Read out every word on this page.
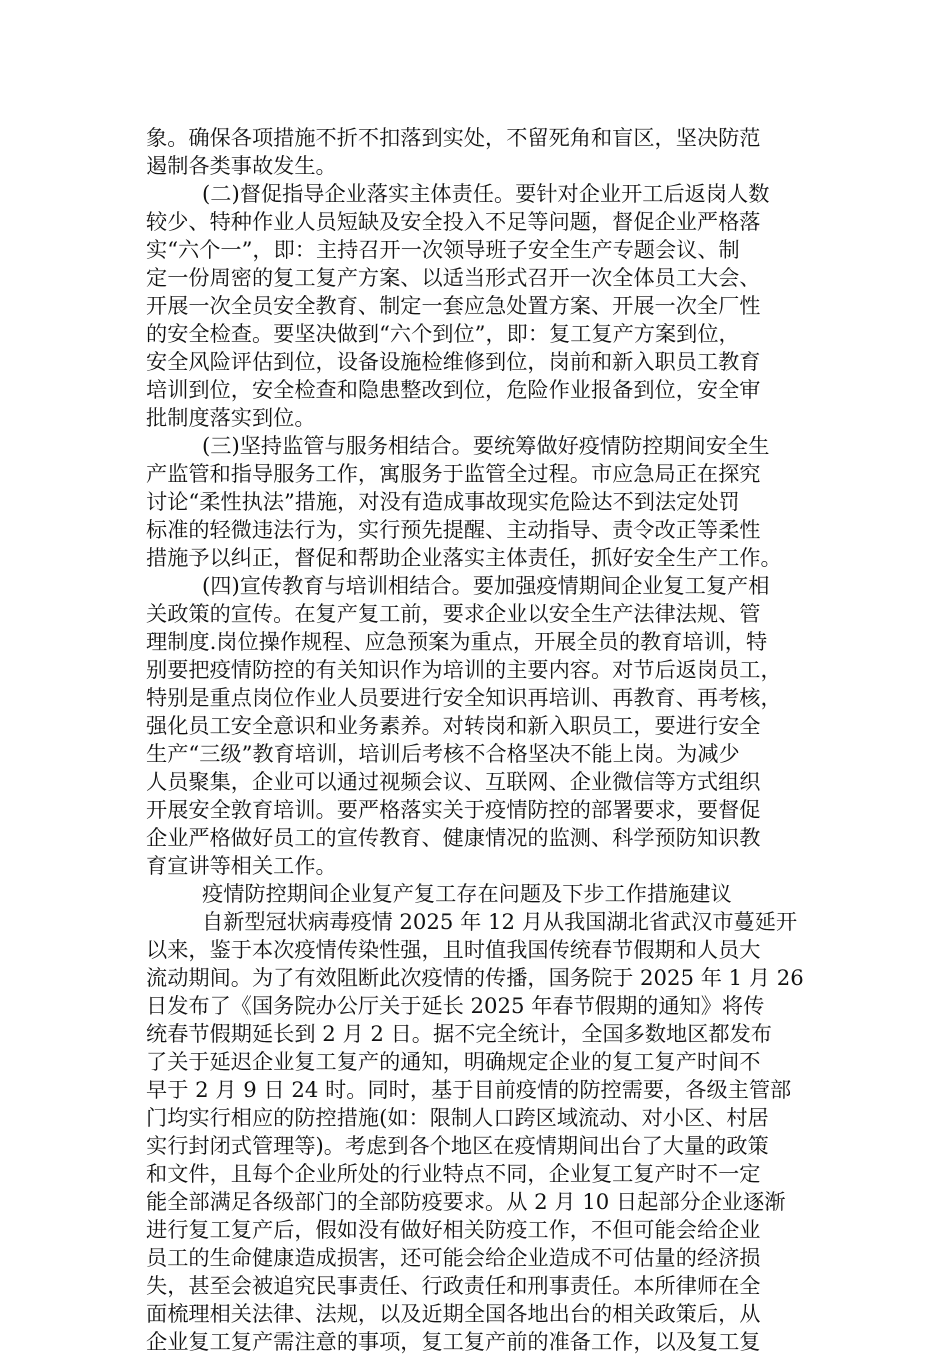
象。确保各项措施不折不扣落到实处，不留死角和盲区，坚决防范
遏制各类事故发生。
(二)督促指导企业落实主体责任。要针对企业开工后返岗人数
较少、特种作业人员短缺及安全投入不足等问题，督促企业严格落
实“六个一”，即：主持召开一次领导班子安全生产专题会议、制
定一份周密的复工复产方案、以适当形式召开一次全体员工大会、
开展一次全员安全教育、制定一套应急处置方案、开展一次全厂性
的安全检查。要坚决做到“六个到位”，即：复工复产方案到位，
安全风险评估到位，设备设施检维修到位，岗前和新入职员工教育
培训到位，安全检查和隐患整改到位，危险作业报备到位，安全审
批制度落实到位。
(三)坚持监管与服务相结合。要统筹做好疫情防控期间安全生
产监管和指导服务工作，寓服务于监管全过程。市应急局正在探究
讨论“柔性执法”措施，对没有造成事故现实危险达不到法定处罚
标准的轻微违法行为，实行预先提醒、主动指导、责令改正等柔性
措施予以纠正，督促和帮助企业落实主体责任，抓好安全生产工作。
(四)宣传教育与培训相结合。要加强疫情期间企业复工复产相
关政策的宣传。在复产复工前，要求企业以安全生产法律法规、管
理制度.岗位操作规程、应急预案为重点，开展全员的教育培训，特
别要把疫情防控的有关知识作为培训的主要内容。对节后返岗员工，
特别是重点岗位作业人员要进行安全知识再培训、再教育、再考核，
强化员工安全意识和业务素养。对转岗和新入职员工，要进行安全
生产“三级”教育培训，培训后考核不合格坚决不能上岗。为减少
人员聚集，企业可以通过视频会议、互联网、企业微信等方式组织
开展安全敦育培训。要严格落实关于疫情防控的部署要求，要督促
企业严格做好员工的宣传教育、健康情况的监测、科学预防知识教
育宣讲等相关工作。
疫情防控期间企业复产复工存在问题及下步工作措施建议
自新型冠状病毒疫情 2025 年 12 月从我国湖北省武汉市蔓延开
以来，鉴于本次疫情传染性强，且时值我国传统春节假期和人员大
流动期间。为了有效阻断此次疫情的传播，国务院于 2025 年 1 月 26
日发布了《国务院办公厅关于延长 2025 年春节假期的通知》将传
统春节假期延长到 2 月 2 日。据不完全统计，全国多数地区都发布
了关于延迟企业复工复产的通知，明确规定企业的复工复产时间不
早于 2 月 9 日 24 时。同时，基于目前疫情的防控需要，各级主管部
门均实行相应的防控措施(如：限制人口跨区域流动、对小区、村居
实行封闭式管理等)。考虑到各个地区在疫情期间出台了大量的政策
和文件，且每个企业所处的行业特点不同，企业复工复产时不一定
能全部满足各级部门的全部防疫要求。从 2 月 10 日起部分企业逐渐
进行复工复产后，假如没有做好相关防疫工作，不但可能会给企业
员工的生命健康造成损害，还可能会给企业造成不可估量的经济损
失，甚至会被追究民事责任、行政责任和刑事责任。本所律师在全
面梳理相关法律、法规，以及近期全国各地出台的相关政策后，从
企业复工复产需注意的事项，复工复产前的准备工作，以及复工复
